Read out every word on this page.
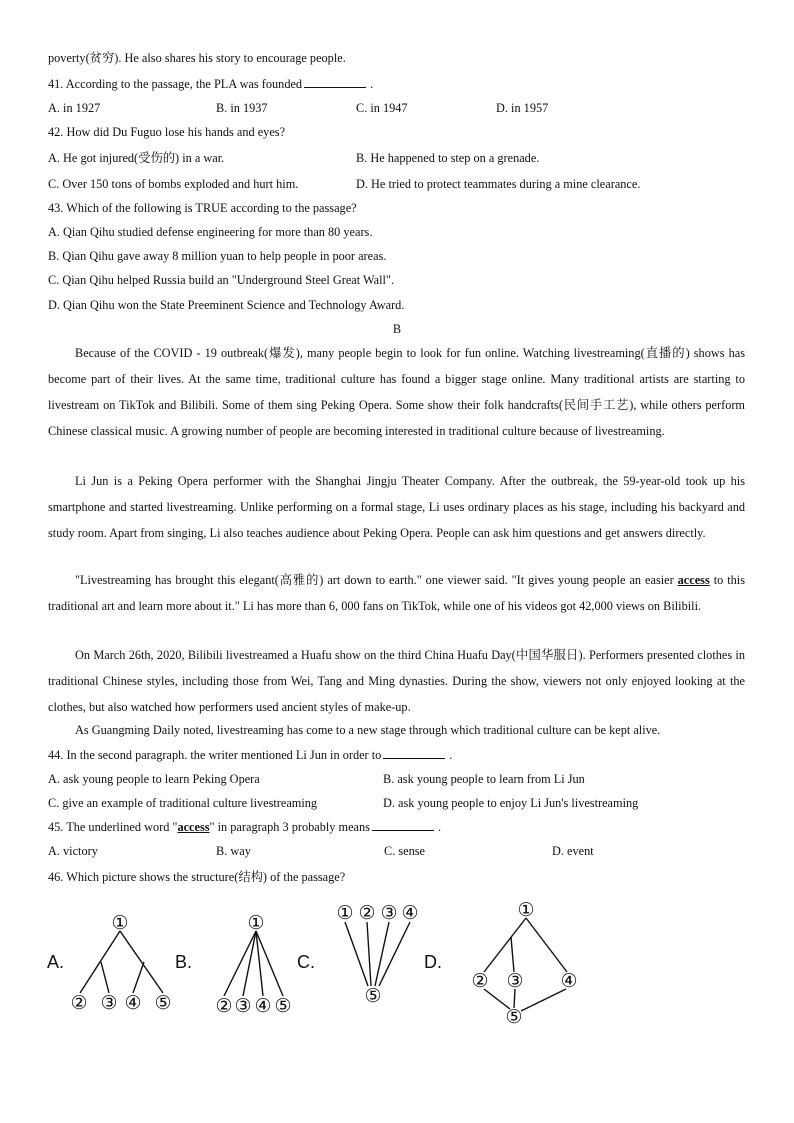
poverty(贫穷). He also shares his story to encourage people.
41. According to the passage, the PLA was founded	.
A. in 1927	B. in 1937	C. in 1947	D. in 1957
42. How did Du Fuguo lose his hands and eyes?
A. He got injured(受伤的) in a war.	B. He happened to step on a grenade.
C. Over 150 tons of bombs exploded and hurt him.	D. He tried to protect teammates during a mine clearance.
43. Which of the following is TRUE according to the passage?
A. Qian Qihu studied defense engineering for more than 80 years.
B. Qian Qihu gave away 8 million yuan to help people in poor areas.
C. Qian Qihu helped Russia build an "Underground Steel Great Wall".
D. Qian Qihu won the State Preeminent Science and Technology Award.
B
Because of the COVID - 19 outbreak(爆发), many people begin to look for fun online. Watching livestreaming(直播的) shows has become part of their lives. At the same time, traditional culture has found a bigger stage online. Many traditional artists are starting to livestream on TikTok and Bilibili. Some of them sing Peking Opera. Some show their folk handcrafts(民间手工艺), while others perform Chinese classical music. A growing number of people are becoming interested in traditional culture because of livestreaming.
Li Jun is a Peking Opera performer with the Shanghai Jingju Theater Company. After the outbreak, the 59-year-old took up his smartphone and started livestreaming. Unlike performing on a formal stage, Li uses ordinary places as his stage, including his backyard and study room. Apart from singing, Li also teaches audience about Peking Opera. People can ask him questions and get answers directly.
"Livestreaming has brought this elegant(高雅的) art down to earth." one viewer said. "It gives young people an easier access to this traditional art and learn more about it." Li has more than 6, 000 fans on TikTok, while one of his videos got 42,000 views on Bilibili.
On March 26th, 2020, Bilibili livestreamed a Huafu show on the third China Huafu Day(中国华服日). Performers presented clothes in traditional Chinese styles, including those from Wei, Tang and Ming dynasties. During the show, viewers not only enjoyed looking at the clothes, but also watched how performers used ancient styles of make-up.
As Guangming Daily noted, livestreaming has come to a new stage through which traditional culture can be kept alive.
44. In the second paragraph. the writer mentioned Li Jun in order to	.
A. ask young people to learn Peking Opera	B. ask young people to learn from Li Jun
C. give an example of traditional culture livestreaming	D. ask young people to enjoy Li Jun's livestreaming
45. The underlined word "access" in paragraph 3 probably means	.
A. victory	B. way	C. sense	D. event
46. Which picture shows the structure(结构) of the passage?
A.	B.	C.	D.
①
② ③ ④ ⑤
①
② ③ ④ ⑤
① ② ③ ④
⑤
①
② ③ ④
⑤
